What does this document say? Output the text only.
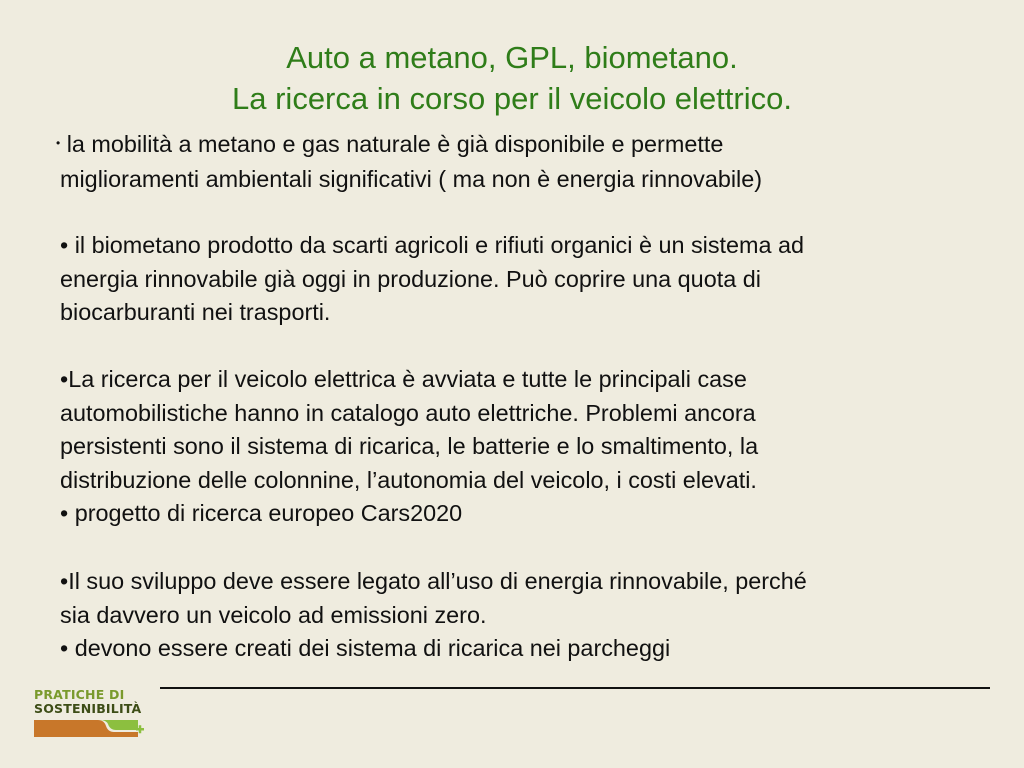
Auto a metano, GPL, biometano.
La ricerca in corso per il veicolo elettrico.
• la mobilità a metano e gas naturale è già disponibile e permette
miglioramenti ambientali significativi ( ma non è energia rinnovabile)
• il biometano prodotto da scarti agricoli e rifiuti organici è un sistema ad
energia rinnovabile già oggi in produzione. Può coprire una quota di
biocarburanti nei trasporti.
•La ricerca per il veicolo elettrica è avviata e tutte le principali case
automobilistiche hanno in catalogo auto elettriche. Problemi ancora
persistenti sono il sistema di ricarica, le batterie e lo smaltimento, la
distribuzione delle colonnine, l’autonomia del veicolo, i costi elevati.
• progetto di ricerca europeo Cars2020
•Il suo sviluppo deve essere legato all’uso di energia rinnovabile, perché
sia davvero un veicolo ad emissioni zero.
• devono essere creati dei sistema di ricarica nei parcheggi
PRATICHE DI
SOSTENIBILITÀ
